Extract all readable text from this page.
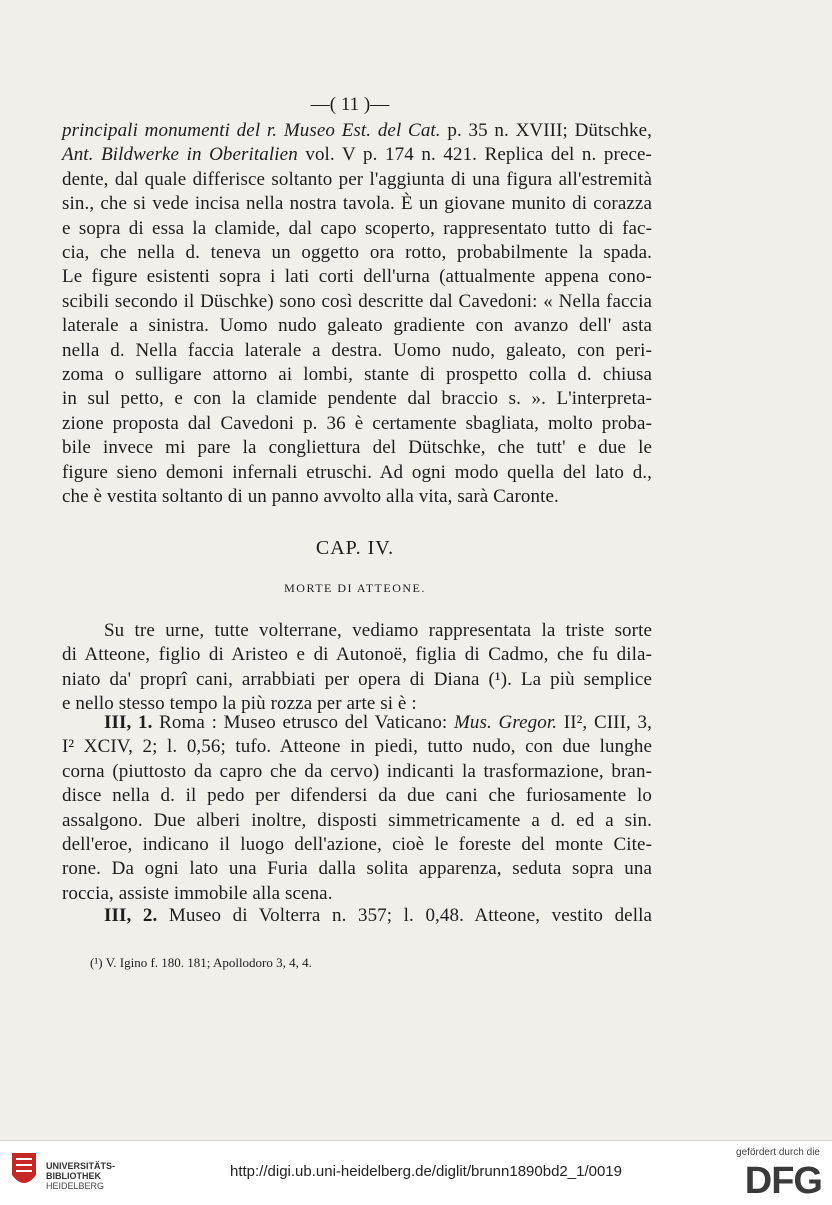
—( 11 )—
principali monumenti del r. Museo Est. del Cat. p. 35 n. XVIII; Dütschke,
Ant. Bildwerke in Oberitalien vol. V p. 174 n. 421. Replica del n. prece-
dente, dal quale differisce soltanto per l'aggiunta di una figura all'estremità
sin., che si vede incisa nella nostra tavola. È un giovane munito di corazza
e sopra di essa la clamide, dal capo scoperto, rappresentato tutto di fac-
cia, che nella d. teneva un oggetto ora rotto, probabilmente la spada.
Le figure esistenti sopra i lati corti dell'urna (attualmente appena cono-
scibili secondo il Düschke) sono così descritte dal Cavedoni: « Nella faccia
laterale a sinistra. Uomo nudo galeato gradiente con avanzo dell' asta
nella d. Nella faccia laterale a destra. Uomo nudo, galeato, con peri-
zoma o sulligare attorno ai lombi, stante di prospetto colla d. chiusa
in sul petto, e con la clamide pendente dal braccio s. ». L'interpreta-
zione proposta dal Cavedoni p. 36 è certamente sbagliata, molto proba-
bile invece mi pare la congliettura del Dütschke, che tutt' e due le
figure sieno demoni infernali etruschi. Ad ogni modo quella del lato d.,
che è vestita soltanto di un panno avvolto alla vita, sarà Caronte.
CAP. IV.
MORTE DI ATTEONE.
Su tre urne, tutte volterrane, vediamo rappresentata la triste sorte
di Atteone, figlio di Aristeo e di Autonoë, figlia di Cadmo, che fu dila-
niato da' proprî cani, arrabbiati per opera di Diana (¹). La più semplice
e nello stesso tempo la più rozza per arte si è :
III, 1. Roma : Museo etrusco del Vaticano: Mus. Gregor. II², CIII, 3,
I² XCIV, 2; l. 0,56; tufo. Atteone in piedi, tutto nudo, con due lunghe
corna (piuttosto da capro che da cervo) indicanti la trasformazione, bran-
disce nella d. il pedo per difendersi da due cani che furiosamente lo
assalgono. Due alberi inoltre, disposti simmetricamente a d. ed a sin.
dell'eroe, indicano il luogo dell'azione, cioè le foreste del monte Cite-
rone. Da ogni lato una Furia dalla solita apparenza, seduta sopra una
roccia, assiste immobile alla scena.
III, 2. Museo di Volterra n. 357; l. 0,48. Atteone, vestito della
(¹) V. Igino f. 180. 181; Apollodoro 3, 4, 4.
UNIVERSITÄTS-
BIBLIOTHEK
HEIDELBERG
http://digi.ub.uni-heidelberg.de/diglit/brunn1890bd2_1/0019
gefördert durch die
DFG
